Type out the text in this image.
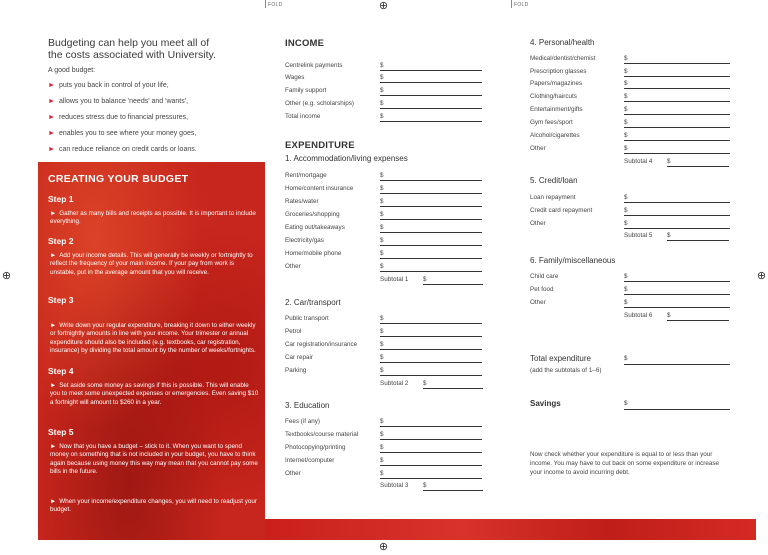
FOLD	FOLD
⊕
⊕
⊕	⊕
Budgeting can help you meet all of the costs associated with University.
A good budget:
► puts you back in control of your life,
► allows you to balance 'needs' and 'wants',
► reduces stress due to financial pressures,
► enables you to see where your money goes,
► can reduce reliance on credit cards or loans.
CREATING YOUR BUDGET
Step 1
► Gather as many bills and receipts as possible. It is important to include everything.
Step 2
► Add your income details. This will generally be weekly or fortnightly to reflect the frequency of your main income. If your pay from work is unstable, put in the average amount that you will receive.
Step 3
► Write down your regular expenditure, breaking it down to either weekly or fortnightly amounts in line with your income. Your trimester or annual expenditure should also be included (e.g. textbooks, car registration, insurance) by dividing the total amount by the number of weeks/fortnights.
Step 4
► Set aside some money as savings if this is possible. This will enable you to meet some unexpected expenses or emergencies. Even saving $10 a fortnight will amount to $260 in a year.
Step 5
► Now that you have a budget – stick to it. When you want to spend money on something that is not included in your budget, you have to think again because using money this way may mean that you cannot pay some bills in the future.
► When your income/expenditure changes, you will need to readjust your budget.
INCOME
Centrelink payments	$
Wages	$
Family support	$
Other (e.g. scholarships)	$
Total income	$
EXPENDITURE
1. Accommodation/living expenses
Rent/mortgage	$
Home/content insurance	$
Rates/water	$
Groceries/shopping	$
Eating out/takeaways	$
Electricity/gas	$
Home/mobile phone	$
Other	$
Subtotal 1 $
2. Car/transport
Public transport	$
Petrol	$
Car registration/insurance	$
Car repair	$
Parking	$
Subtotal 2 $
3. Education
Fees (if any)	$
Textbooks/course material	$
Photocopying/printing	$
Internet/computer	$
Other	$
Subtotal 3 $
4. Personal/health
Medical/dentist/chemist	$
Prescription glasses	$
Papers/magazines	$
Clothing/haircuts	$
Entertainment/gifts	$
Gym fees/sport	$
Alcohol/cigarettes	$
Other	$
Subtotal 4 $
5. Credit/loan
Loan repayment	$
Credit card repayment	$
Other	$
Subtotal 5 $
6. Family/miscellaneous
Child care	$
Pet food	$
Other	$
Subtotal 6 $
Total expenditure
(add the subtotals of 1–6)
$
Savings	$
Now check whether your expenditure is equal to or less than your income. You may have to cut back on some expenditure or increase your income to avoid incurring debt.
